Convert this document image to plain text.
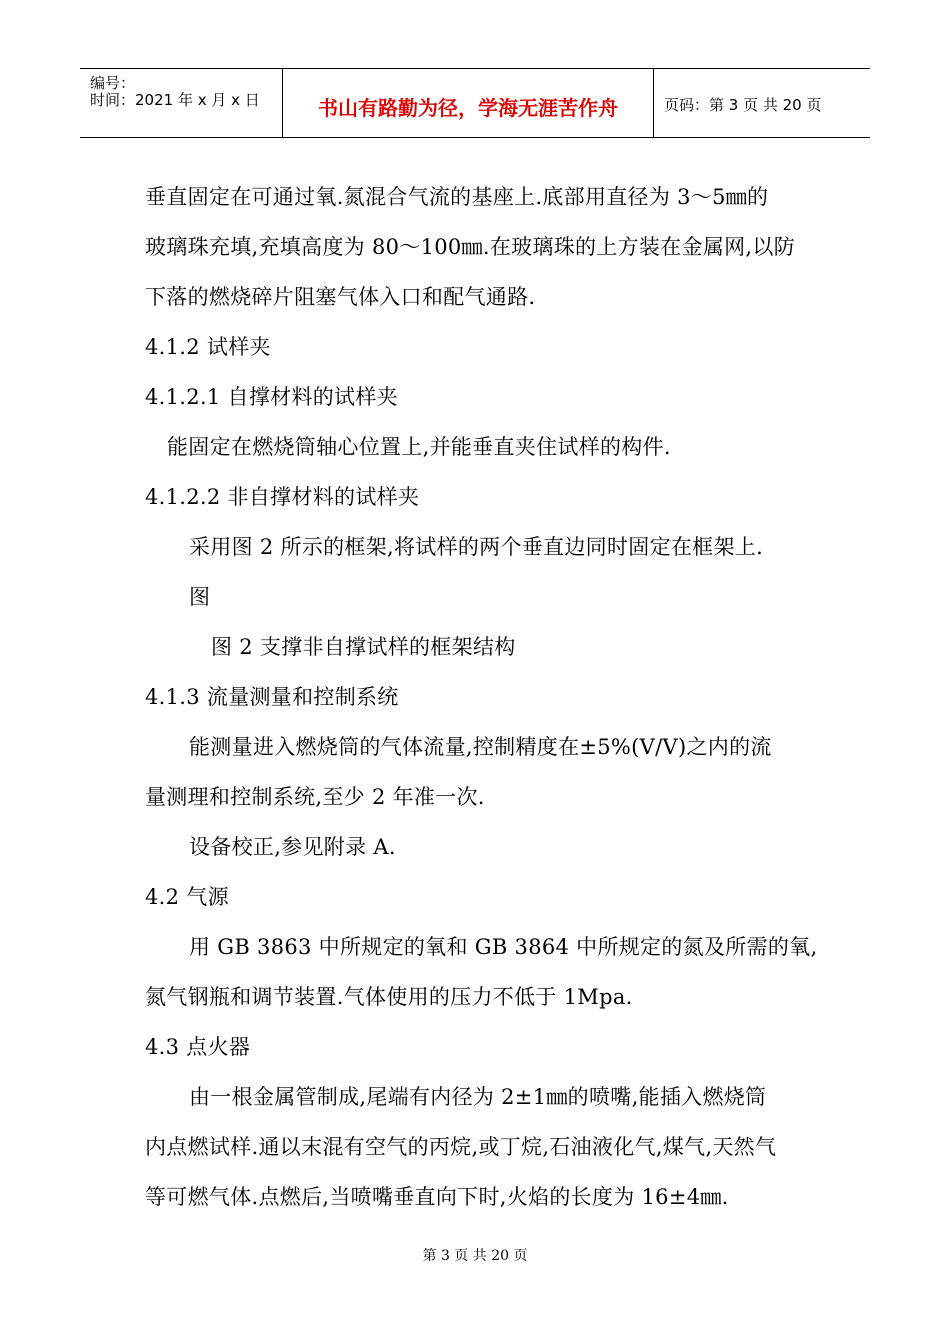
编号：
时间：2021 年 x 月 x 日	书山有路勤为径，学海无涯苦作舟	页码：第 3 页 共 20 页
垂直固定在可通过氧.氮混合气流的基座上.底部用直径为 3～5㎜的
玻璃珠充填,充填高度为 80～100㎜.在玻璃珠的上方装在金属网,以防
下落的燃烧碎片阻塞气体入口和配气通路.
4.1.2 试样夹
4.1.2.1 自撑材料的试样夹
能固定在燃烧筒轴心位置上,并能垂直夹住试样的构件.
4.1.2.2 非自撑材料的试样夹
采用图 2 所示的框架,将试样的两个垂直边同时固定在框架上.
图
图 2 支撑非自撑试样的框架结构
4.1.3 流量测量和控制系统
能测量进入燃烧筒的气体流量,控制精度在±5%(V/V)之内的流
量测理和控制系统,至少 2 年准一次.
设备校正,参见附录 A.
4.2 气源
用 GB 3863 中所规定的氧和 GB 3864 中所规定的氮及所需的氧,
氮气钢瓶和调节装置.气体使用的压力不低于 1Mpa.
4.3 点火器
由一根金属管制成,尾端有内径为 2±1㎜的喷嘴,能插入燃烧筒
内点燃试样.通以末混有空气的丙烷,或丁烷,石油液化气,煤气,天然气
等可燃气体.点燃后,当喷嘴垂直向下时,火焰的长度为 16±4㎜.
第 3 页 共 20 页
